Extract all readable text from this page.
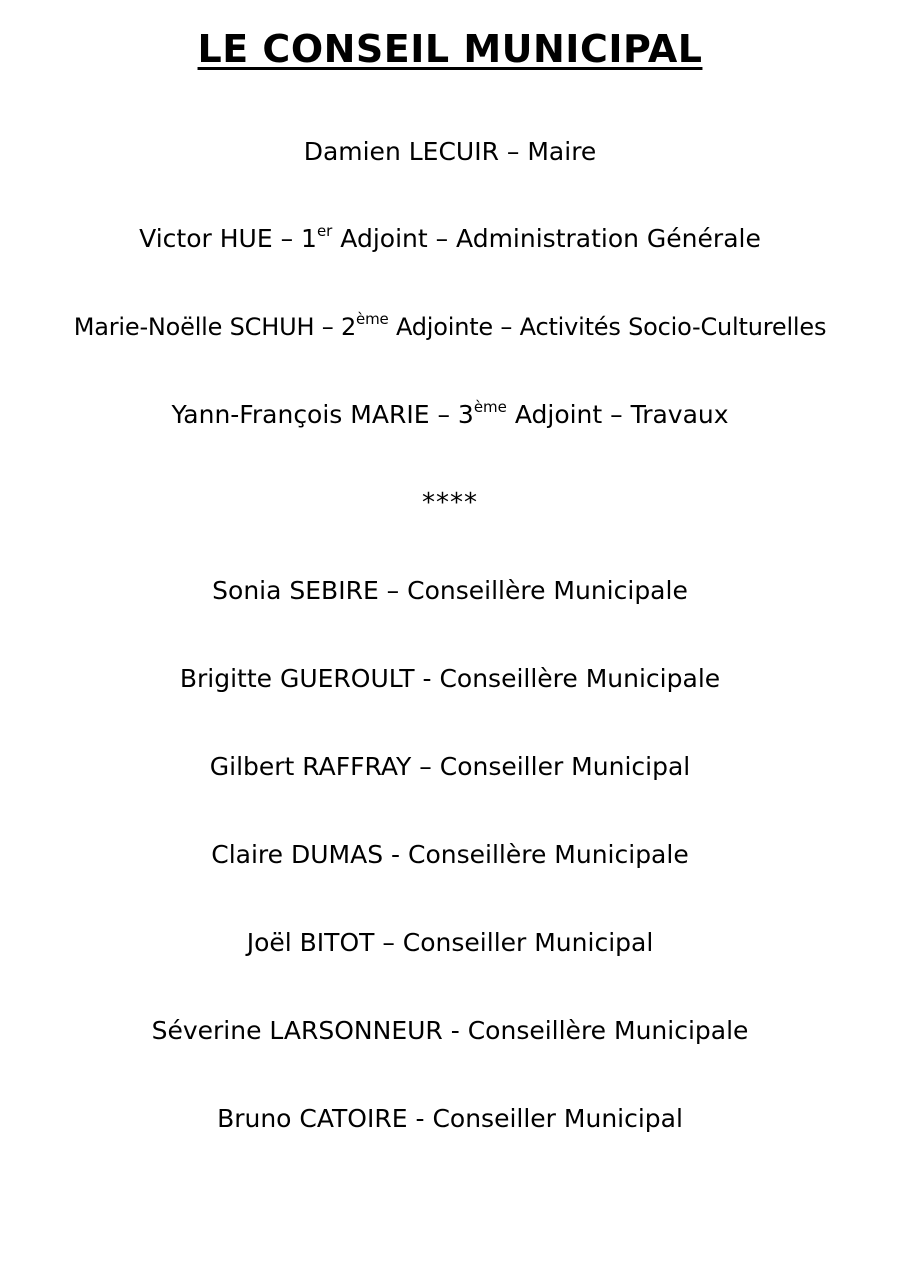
LE CONSEIL MUNICIPAL
Damien LECUIR – Maire
Victor HUE – 1er Adjoint – Administration Générale
Marie-Noëlle SCHUH – 2ème Adjointe – Activités Socio-Culturelles
Yann-François MARIE – 3ème Adjoint – Travaux
****
Sonia SEBIRE – Conseillère Municipale
Brigitte GUEROULT - Conseillère Municipale
Gilbert RAFFRAY – Conseiller Municipal
Claire DUMAS - Conseillère Municipale
Joël BITOT – Conseiller Municipal
Séverine LARSONNEUR - Conseillère Municipale
Bruno CATOIRE - Conseiller Municipal
